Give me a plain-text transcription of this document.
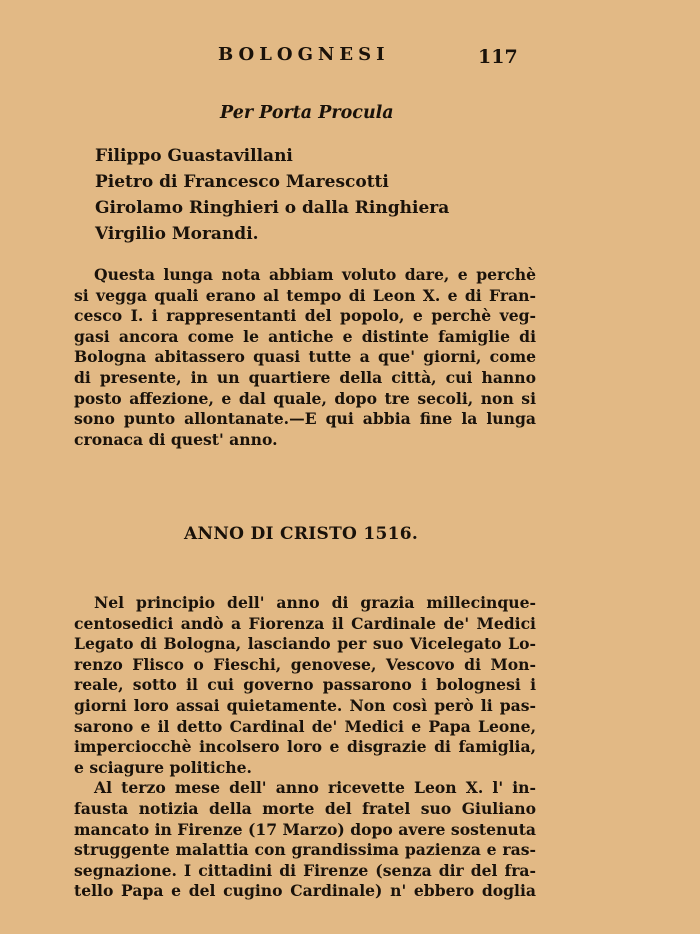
BOLOGNESI	117
Per Porta Procula
Filippo Guastavillani
Pietro di Francesco Marescotti
Girolamo Ringhieri o dalla Ringhiera
Virgilio Morandi.
Questa lunga nota abbiam voluto dare, e perchè
si vegga quali erano al tempo di Leon X. e di Fran-
cesco I. i rappresentanti del popolo, e perchè veg-
gasi ancora come le antiche e distinte famiglie di
Bologna abitassero quasi tutte a que' giorni, come
di presente, in un quartiere della città, cui hanno
posto affezione, e dal quale, dopo tre secoli, non si
sono punto allontanate.—E qui abbia fine la lunga
cronaca di quest' anno.
ANNO DI CRISTO 1516.
Nel principio dell' anno di grazia millecinque-
centosedici andò a Fiorenza il Cardinale de' Medici
Legato di Bologna, lasciando per suo Vicelegato Lo-
renzo Flisco o Fieschi, genovese, Vescovo di Mon-
reale, sotto il cui governo passarono i bolognesi i
giorni loro assai quietamente. Non così però li pas-
sarono e il detto Cardinal de' Medici e Papa Leone,
imperciocchè incolsero loro e disgrazie di famiglia,
e sciagure politiche.
Al terzo mese dell' anno ricevette Leon X. l' in-
fausta notizia della morte del fratel suo Giuliano
mancato in Firenze (17 Marzo) dopo avere sostenuta
struggente malattia con grandissima pazienza e ras-
segnazione. I cittadini di Firenze (senza dir del fra-
tello Papa e del cugino Cardinale) n' ebbero doglia
